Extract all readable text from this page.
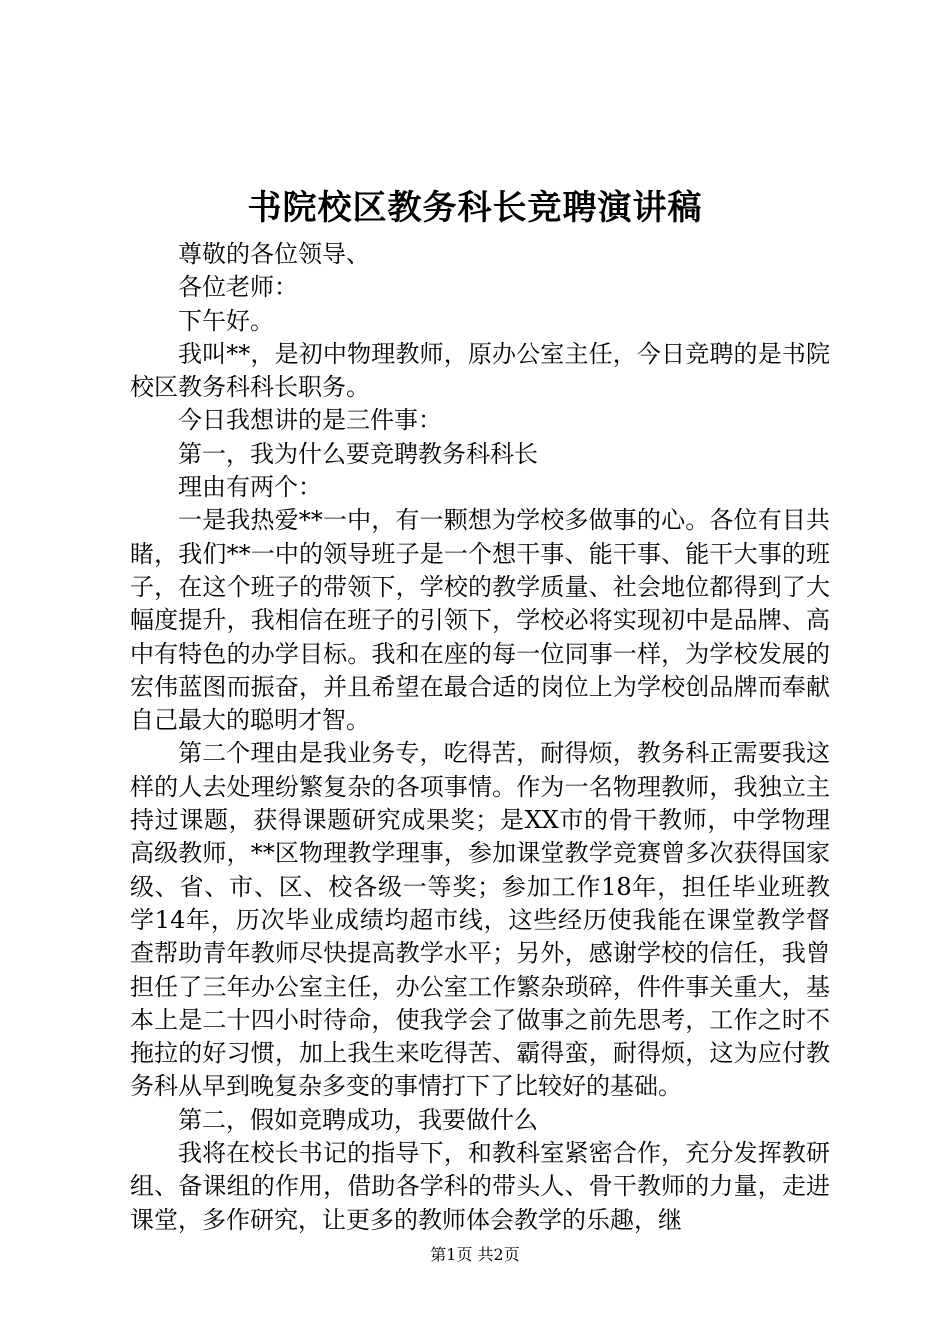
书院校区教务科长竞聘演讲稿

尊敬的各位领导、

各位老师：

下午好。

我叫**，是初中物理教师，原办公室主任，今日竞聘的是书院校区教务科科长职务。

今日我想讲的是三件事：

第一，我为什么要竞聘教务科科长

理由有两个：

一是我热爱**一中，有一颗想为学校多做事的心。各位有目共睹，我们**一中的领导班子是一个想干事、能干事、能干大事的班子，在这个班子的带领下，学校的教学质量、社会地位都得到了大幅度提升，我相信在班子的引领下，学校必将实现初中是品牌、高中有特色的办学目标。我和在座的每一位同事一样，为学校发展的宏伟蓝图而振奋，并且希望在最合适的岗位上为学校创品牌而奉献自己最大的聪明才智。

第二个理由是我业务专，吃得苦，耐得烦，教务科正需要我这样的人去处理纷繁复杂的各项事情。作为一名物理教师，我独立主持过课题，获得课题研究成果奖；是XX市的骨干教师，中学物理高级教师，**区物理教学理事，参加课堂教学竞赛曾多次获得国家级、省、市、区、校各级一等奖；参加工作18年，担任毕业班教学14年，历次毕业成绩均超市线，这些经历使我能在课堂教学督查帮助青年教师尽快提高教学水平；另外，感谢学校的信任，我曾担任了三年办公室主任，办公室工作繁杂琐碎，件件事关重大，基本上是二十四小时待命，使我学会了做事之前先思考，工作之时不拖拉的好习惯，加上我生来吃得苦、霸得蛮，耐得烦，这为应付教务科从早到晚复杂多变的事情打下了比较好的基础。

第二，假如竞聘成功，我要做什么

我将在校长书记的指导下，和教科室紧密合作，充分发挥教研组、备课组的作用，借助各学科的带头人、骨干教师的力量，走进课堂，多作研究，让更多的教师体会教学的乐趣，继

第1页 共2页
